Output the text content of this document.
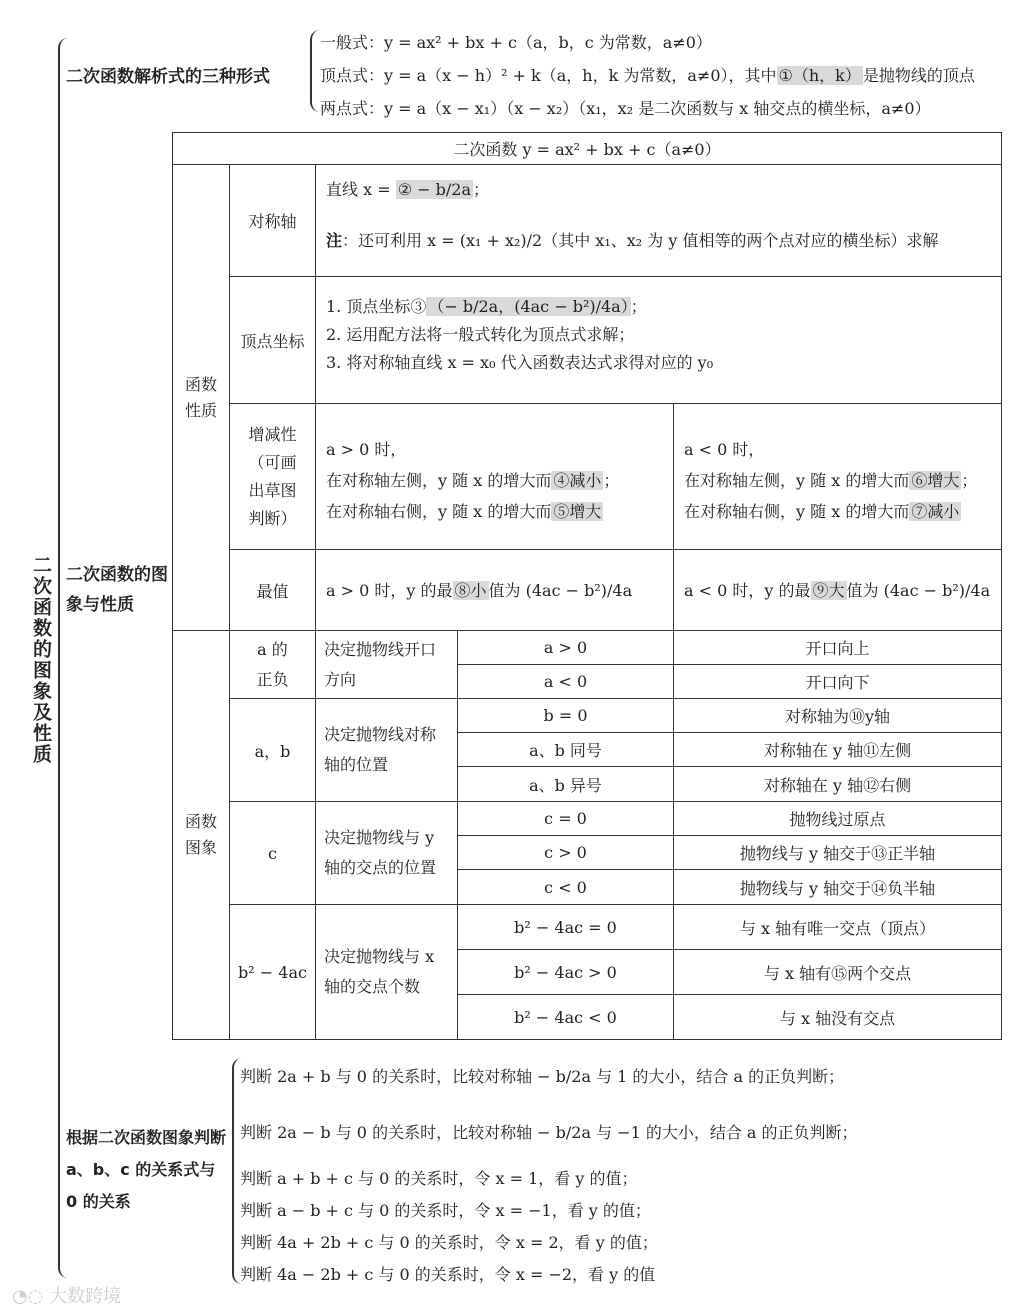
二次函数的图象及性质
二次函数解析式的三种形式
一般式：y = ax² + bx + c（a，b，c 为常数，a≠0）
顶点式：y = a（x − h）² + k（a，h，k 为常数，a≠0），其中 ①（h，k） 是抛物线的顶点
两点式：y = a（x − x₁）（x − x₂）（x₁，x₂ 是二次函数与 x 轴交点的横坐标，a≠0）
二次函数的图象与性质
二次函数 y = ax² + bx + c（a≠0）
函数性质
对称轴
直线 x = ② − b/2a ；
注：还可利用 x = (x₁ + x₂)/2（其中 x₁、x₂ 为 y 值相等的两个点对应的横坐标）求解
顶点坐标
1. 顶点坐标③ （− b/2a，(4ac − b²)/4a） ；
2. 运用配方法将一般式转化为顶点式求解；
3. 将对称轴直线 x = x₀ 代入函数表达式求得对应的 y₀
增减性（可画出草图判断）
a > 0 时，
在对称轴左侧，y 随 x 的增大而 ④减小 ；
在对称轴右侧，y 随 x 的增大而 ⑤增大
a < 0 时，
在对称轴左侧，y 随 x 的增大而 ⑥增大 ；
在对称轴右侧，y 随 x 的增大而 ⑦减小
最值	a > 0 时，y 的最 ⑧小 值为 (4ac − b²)/4a	a < 0 时，y 的最 ⑨大 值为 (4ac − b²)/4a
函数图象
a 的正负
决定抛物线开口方向
a > 0	开口向上
a < 0	开口向下
a，b
决定抛物线对称轴的位置
b = 0	对称轴为⑩y轴
a、b 同号	对称轴在 y 轴⑪左侧
a、b 异号	对称轴在 y 轴⑫右侧
c
决定抛物线与 y 轴的交点的位置
c = 0	抛物线过原点
c > 0	抛物线与 y 轴交于⑬正半轴
c < 0	抛物线与 y 轴交于⑭负半轴
b² − 4ac
决定抛物线与 x 轴的交点个数
b² − 4ac = 0	与 x 轴有唯一交点（顶点）
b² − 4ac > 0	与 x 轴有⑮两个交点
b² − 4ac < 0	与 x 轴没有交点
根据二次函数图象判断 a、b、c 的关系式与 0 的关系
判断 2a + b 与 0 的关系时，比较对称轴 − b/2a 与 1 的大小，结合 a 的正负判断；
判断 2a − b 与 0 的关系时，比较对称轴 − b/2a 与 −1 的大小，结合 a 的正负判断；
判断 a + b + c 与 0 的关系时，令 x = 1，看 y 的值；
判断 a − b + c 与 0 的关系时，令 x = −1，看 y 的值；
判断 4a + 2b + c 与 0 的关系时，令 x = 2，看 y 的值；
判断 4a − 2b + c 与 0 的关系时，令 x = −2，看 y 的值
◔◌ 大数跨境
